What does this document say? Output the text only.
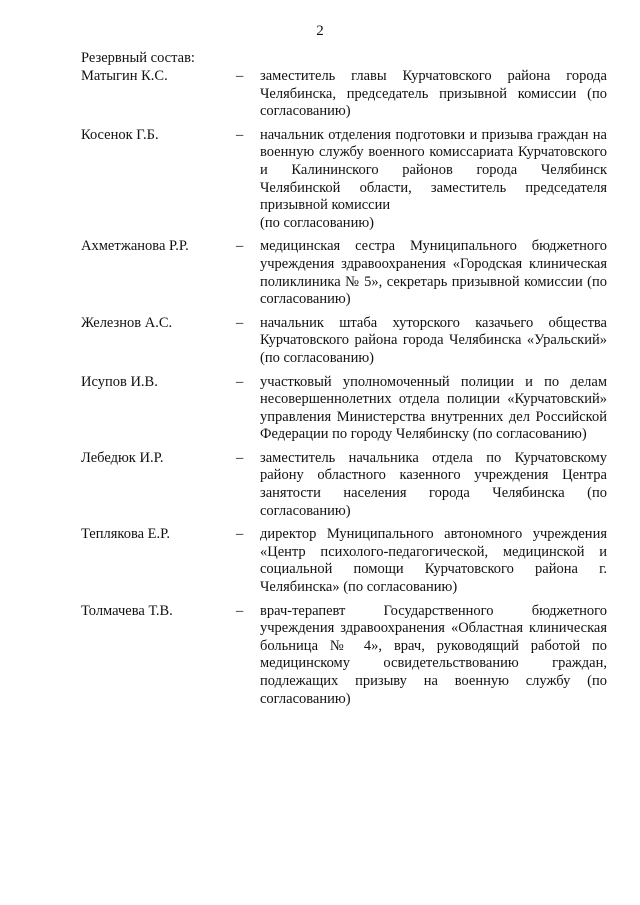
2
Резервный состав:
Матыгин К.С.	–	заместитель главы Курчатовского района города Челябинска, председатель призывной комиссии (по согласованию)
Косенок Г.Б.	–	начальник отделения подготовки и призыва граждан на военную службу военного комиссариата Курчатовского и Калининского районов города Челябинск Челябинской области, заместитель председателя призывной комиссии
(по согласованию)
Ахметжанова Р.Р.	–	медицинская сестра Муниципального бюджетного учреждения здравоохранения «Городская клиническая поликлиника № 5», секретарь призывной комиссии (по согласованию)
Железнов А.С.	–	начальник штаба хуторского казачьего общества Курчатовского района города Челябинска «Уральский» (по согласованию)
Исупов И.В.	–	участковый уполномоченный полиции и по делам несовершеннолетних отдела полиции «Курчатовский» управления Министерства внутренних дел Российской Федерации по городу Челябинску (по согласованию)
Лебедюк И.Р.	–	заместитель начальника отдела по Курчатовскому району областного казенного учреждения Центра занятости населения города Челябинска (по согласованию)
Теплякова Е.Р.	–	директор Муниципального автономного учреждения «Центр психолого-педагогической, медицинской и социальной помощи Курчатовского района г. Челябинска» (по согласованию)
Толмачева Т.В.	–	врач-терапевт Государственного бюджетного учреждения здравоохранения «Областная клиническая больница № 4», врач, руководящий работой по медицинскому освидетельствованию граждан, подлежащих призыву на военную службу (по согласованию)
